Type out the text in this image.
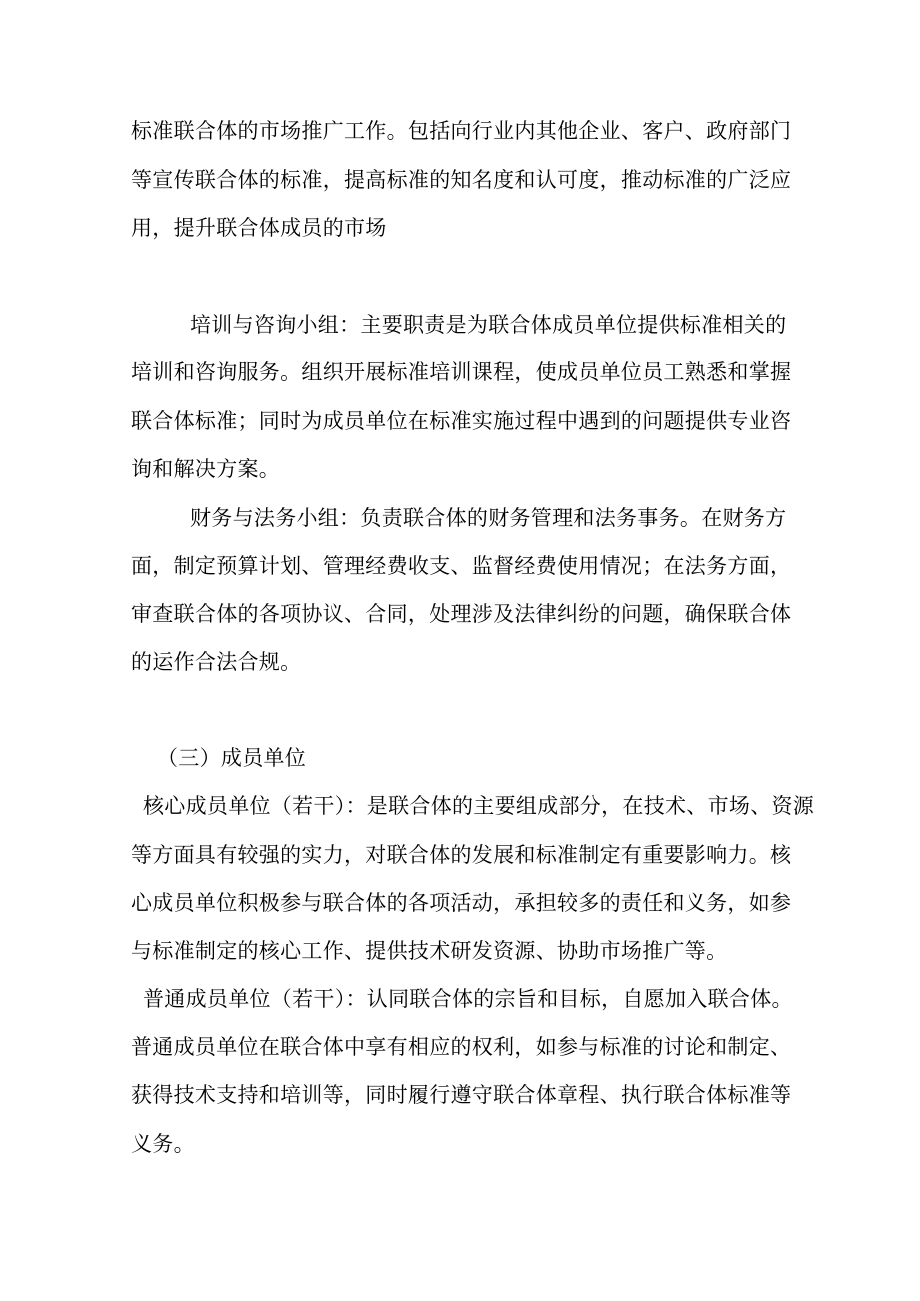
标准联合体的市场推广工作。包括向行业内其他企业、客户、政府部门
等宣传联合体的标准，提高标准的知名度和认可度，推动标准的广泛应
用，提升联合体成员的市场
培训与咨询小组：主要职责是为联合体成员单位提供标准相关的
培训和咨询服务。组织开展标准培训课程，使成员单位员工熟悉和掌握
联合体标准；同时为成员单位在标准实施过程中遇到的问题提供专业咨
询和解决方案。
财务与法务小组：负责联合体的财务管理和法务事务。在财务方
面，制定预算计划、管理经费收支、监督经费使用情况；在法务方面，
审查联合体的各项协议、合同，处理涉及法律纠纷的问题，确保联合体
的运作合法合规。
（三）成员单位
核心成员单位（若干）：是联合体的主要组成部分，在技术、市场、资源
等方面具有较强的实力，对联合体的发展和标准制定有重要影响力。核
心成员单位积极参与联合体的各项活动，承担较多的责任和义务，如参
与标准制定的核心工作、提供技术研发资源、协助市场推广等。
普通成员单位（若干）：认同联合体的宗旨和目标，自愿加入联合体。
普通成员单位在联合体中享有相应的权利，如参与标准的讨论和制定、
获得技术支持和培训等，同时履行遵守联合体章程、执行联合体标准等
义务。
